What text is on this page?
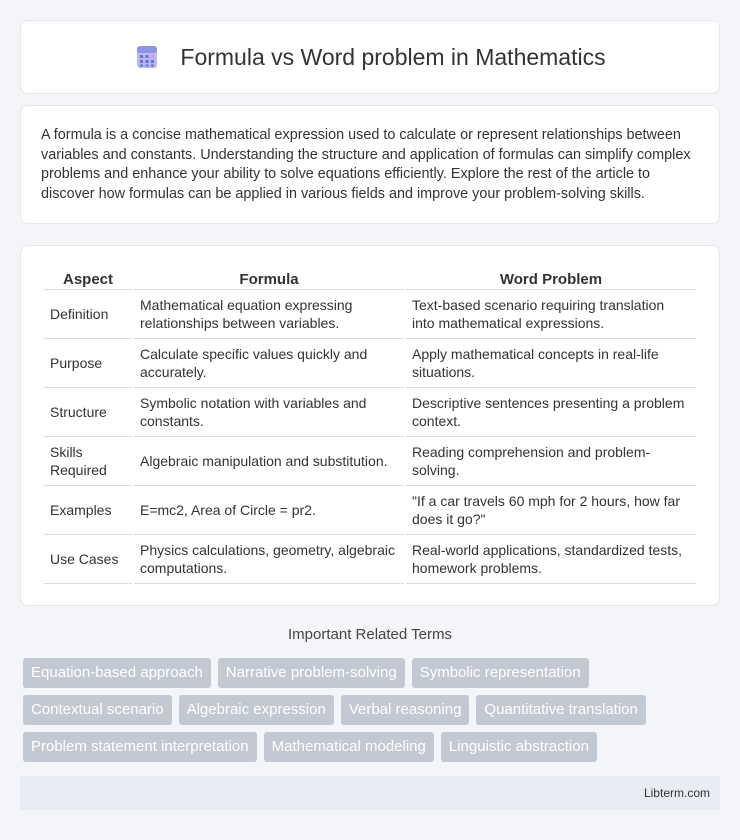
Formula vs Word problem in Mathematics

A formula is a concise mathematical expression used to calculate or represent relationships between variables and constants. Understanding the structure and application of formulas can simplify complex problems and enhance your ability to solve equations efficiently. Explore the rest of the article to discover how formulas can be applied in various fields and improve your problem-solving skills.

Aspect	Formula	Word Problem
Definition	Mathematical equation expressing relationships between variables.	Text-based scenario requiring translation into mathematical expressions.
Purpose	Calculate specific values quickly and accurately.	Apply mathematical concepts in real-life situations.
Structure	Symbolic notation with variables and constants.	Descriptive sentences presenting a problem context.
Skills Required	Algebraic manipulation and substitution.	Reading comprehension and problem-solving.
Examples	E=mc2, Area of Circle = pr2.	"If a car travels 60 mph for 2 hours, how far does it go?"
Use Cases	Physics calculations, geometry, algebraic computations.	Real-world applications, standardized tests, homework problems.
Important Related Terms
Equation-based approach	Narrative problem-solving	Symbolic representation
Contextual scenario	Algebraic expression	Verbal reasoning	Quantitative translation
Problem statement interpretation	Mathematical modeling	Linguistic abstraction
Libterm.com
